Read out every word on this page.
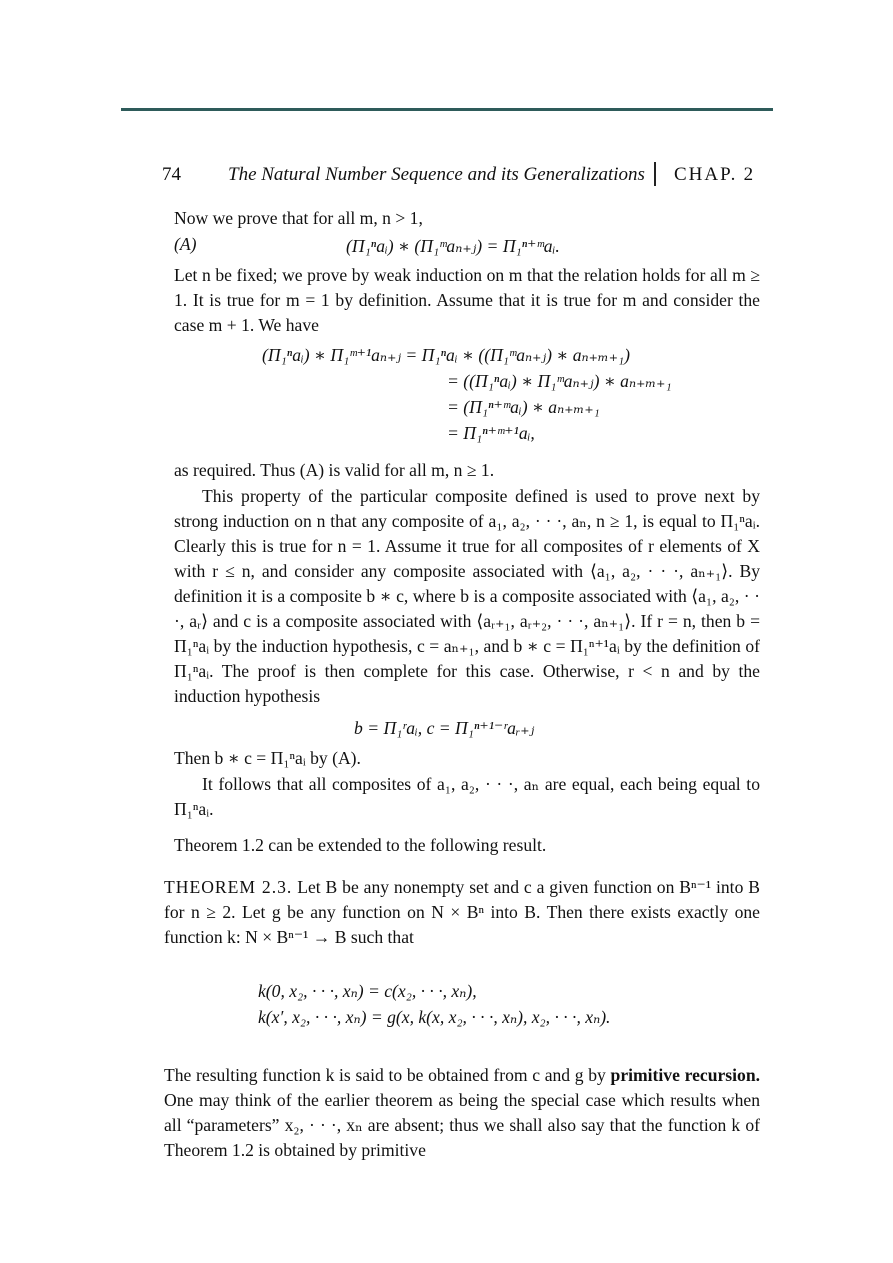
74 The Natural Number Sequence and its Generalizations CHAP. 2
Now we prove that for all m, n > 1,
(A)	(Π₁ⁿaᵢ) ∗ (Π₁ᵐaₙ₊ⱼ) = Π₁ⁿ⁺ᵐaᵢ.
Let n be fixed; we prove by weak induction on m that the relation holds for all m ≥ 1. It is true for m = 1 by definition. Assume that it is true for m and consider the case m + 1. We have
(Π₁ⁿaᵢ) ∗ Π₁ᵐ⁺¹aₙ₊ⱼ = Π₁ⁿaᵢ ∗ ((Π₁ᵐaₙ₊ⱼ) ∗ aₙ₊ₘ₊₁)
= ((Π₁ⁿaᵢ) ∗ Π₁ᵐaₙ₊ⱼ) ∗ aₙ₊ₘ₊₁
= (Π₁ⁿ⁺ᵐaᵢ) ∗ aₙ₊ₘ₊₁
= Π₁ⁿ⁺ᵐ⁺¹aᵢ,
as required. Thus (A) is valid for all m, n ≥ 1.
This property of the particular composite defined is used to prove next by strong induction on n that any composite of a₁, a₂, · · ·, aₙ, n ≥ 1, is equal to Π₁ⁿaᵢ. Clearly this is true for n = 1. Assume it true for all composites of r elements of X with r ≤ n, and consider any composite associated with ⟨a₁, a₂, · · ·, aₙ₊₁⟩. By definition it is a composite b ∗ c, where b is a composite associated with ⟨a₁, a₂, · · ·, aᵣ⟩ and c is a composite associated with ⟨aᵣ₊₁, aᵣ₊₂, · · ·, aₙ₊₁⟩. If r = n, then b = Π₁ⁿaᵢ by the induction hypothesis, c = aₙ₊₁, and b ∗ c = Π₁ⁿ⁺¹aᵢ by the definition of Π₁ⁿaᵢ. The proof is then complete for this case. Otherwise, r < n and by the induction hypothesis
b = Π₁ʳaᵢ, c = Π₁ⁿ⁺¹⁻ʳaᵣ₊ⱼ
Then b ∗ c = Π₁ⁿaᵢ by (A).
It follows that all composites of a₁, a₂, · · ·, aₙ are equal, each being equal to Π₁ⁿaᵢ.
Theorem 1.2 can be extended to the following result.
THEOREM 2.3. Let B be any nonempty set and c a given function on Bⁿ⁻¹ into B for n ≥ 2. Let g be any function on N × Bⁿ into B. Then there exists exactly one function k: N × Bⁿ⁻¹ → B such that
k(0, x₂, · · ·, xₙ) = c(x₂, · · ·, xₙ),
k(x′, x₂, · · ·, xₙ) = g(x, k(x, x₂, · · ·, xₙ), x₂, · · ·, xₙ).
The resulting function k is said to be obtained from c and g by primitive recursion. One may think of the earlier theorem as being the special case which results when all “parameters” x₂, · · ·, xₙ are absent; thus we shall also say that the function k of Theorem 1.2 is obtained by primitive
